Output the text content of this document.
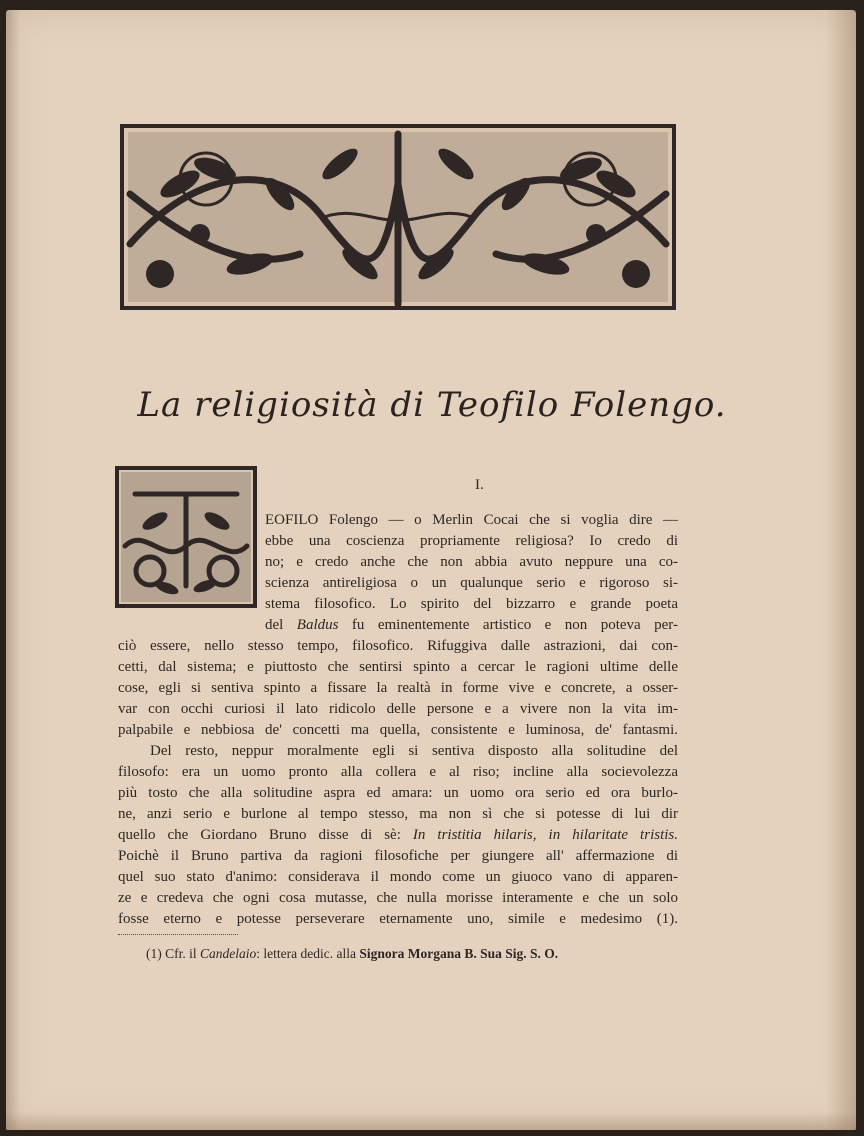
La religiosità di Teofilo Folengo.
I.
EOFILO Folengo — o Merlin Cocai che si voglia dire —
ebbe una coscienza propriamente religiosa? Io credo di
no; e credo anche che non abbia avuto neppure una co-
scienza antireligiosa o un qualunque serio e rigoroso si-
stema filosofico. Lo spirito del bizzarro e grande poeta
del Baldus fu eminentemente artistico e non poteva per-
ciò essere, nello stesso tempo, filosofico. Rifuggiva dalle astrazioni, dai con-
cetti, dal sistema; e piuttosto che sentirsi spinto a cercar le ragioni ultime delle
cose, egli si sentiva spinto a fissare la realtà in forme vive e concrete, a osser-
var con occhi curiosi il lato ridicolo delle persone e a vivere non la vita im-
palpabile e nebbiosa de' concetti ma quella, consistente e luminosa, de' fantasmi.
Del resto, neppur moralmente egli si sentiva disposto alla solitudine del
filosofo: era un uomo pronto alla collera e al riso; incline alla socievolezza
più tosto che alla solitudine aspra ed amara: un uomo ora serio ed ora burlo-
ne, anzi serio e burlone al tempo stesso, ma non sì che si potesse di lui dir
quello che Giordano Bruno disse di sè: In tristitia hilaris, in hilaritate tristis.
Poichè il Bruno partiva da ragioni filosofiche per giungere all' affermazione di
quel suo stato d'animo: considerava il mondo come un giuoco vano di apparen-
ze e credeva che ogni cosa mutasse, che nulla morisse interamente e che un solo
fosse eterno e potesse perseverare eternamente uno, simile e medesimo (1).
(1) Cfr. il Candelaio: lettera dedic. alla Signora Morgana B. Sua Sig. S. O.
